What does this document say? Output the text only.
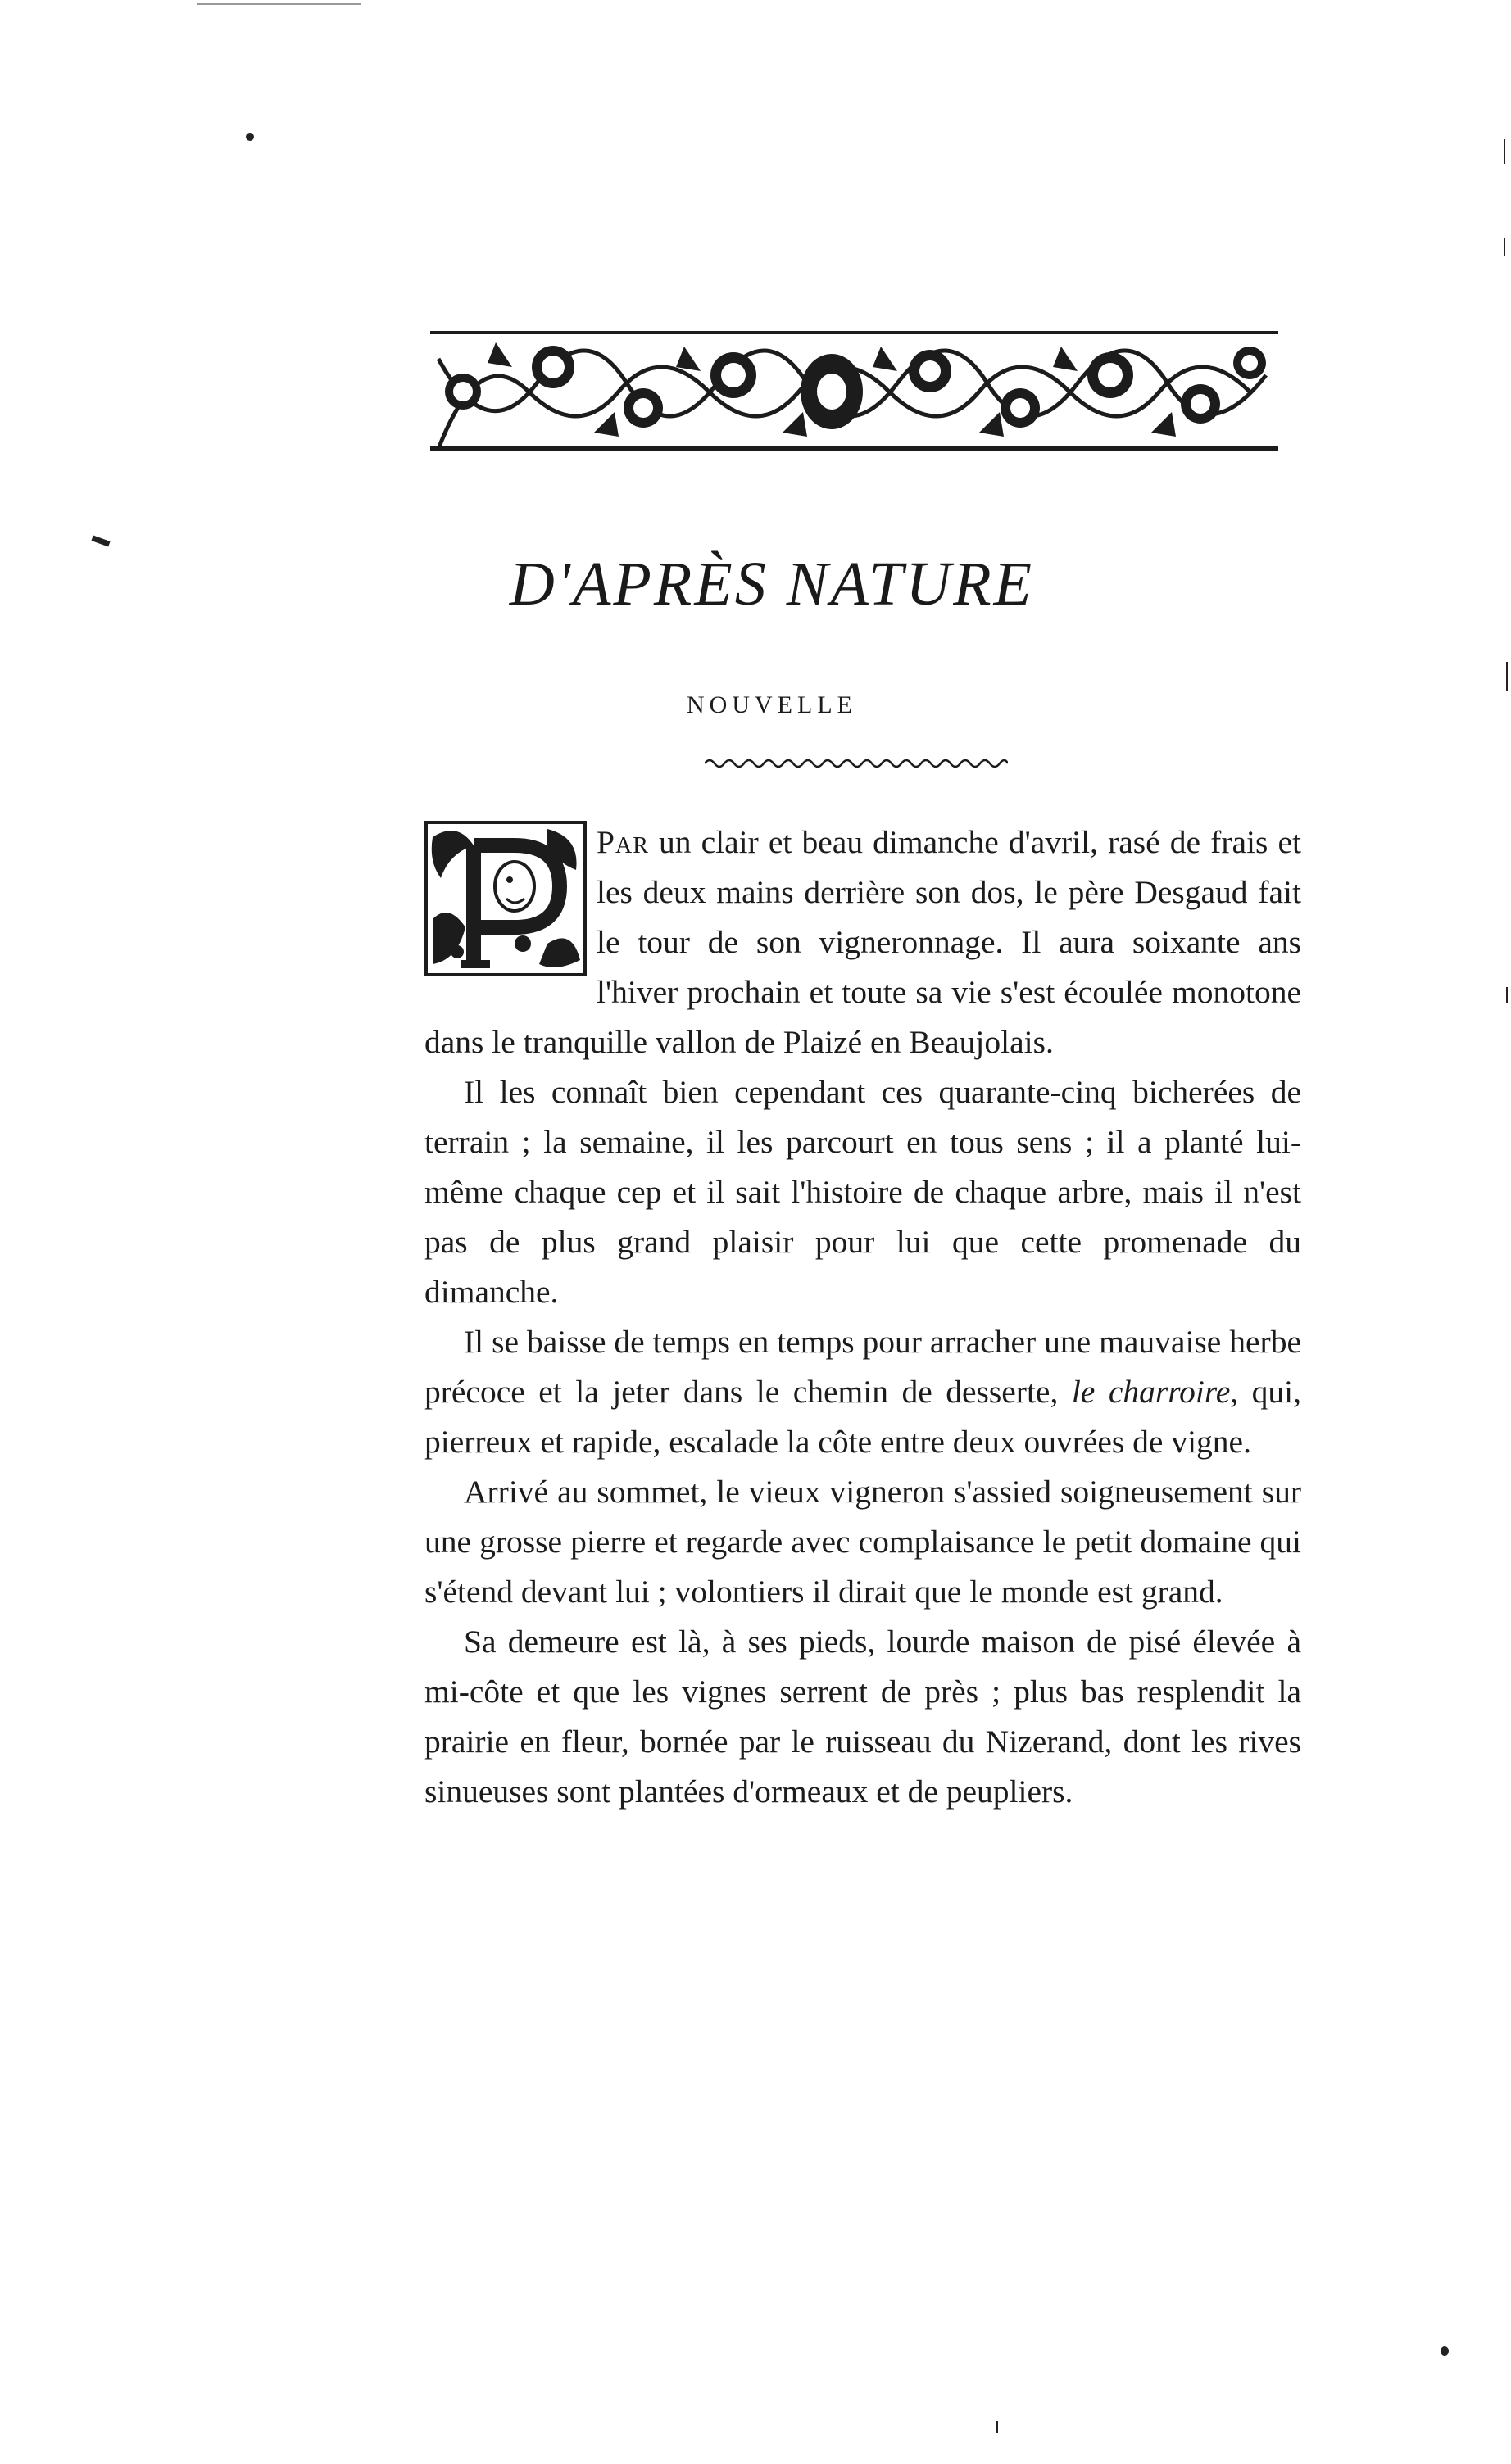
D'APRÈS NATURE
NOUVELLE

Par un clair et beau dimanche d'avril, rasé de frais et les deux mains derrière son dos, le père Desgaud fait le tour de son vigneronnage. Il aura soixante ans l'hiver prochain et toute sa vie s'est écoulée monotone dans le tranquille vallon de Plaizé en Beaujolais.

Il les connaît bien cependant ces quarante-cinq bicherées de terrain ; la semaine, il les parcourt en tous sens ; il a planté lui-même chaque cep et il sait l'histoire de chaque arbre, mais il n'est pas de plus grand plaisir pour lui que cette promenade du dimanche.

Il se baisse de temps en temps pour arracher une mauvaise herbe précoce et la jeter dans le chemin de desserte, le charroire, qui, pierreux et rapide, escalade la côte entre deux ouvrées de vigne.

Arrivé au sommet, le vieux vigneron s'assied soigneusement sur une grosse pierre et regarde avec complaisance le petit domaine qui s'étend devant lui ; volontiers il dirait que le monde est grand.

Sa demeure est là, à ses pieds, lourde maison de pisé élevée à mi-côte et que les vignes serrent de près ; plus bas resplendit la prairie en fleur, bornée par le ruisseau du Nizerand, dont les rives sinueuses sont plantées d'ormeaux et de peupliers.
